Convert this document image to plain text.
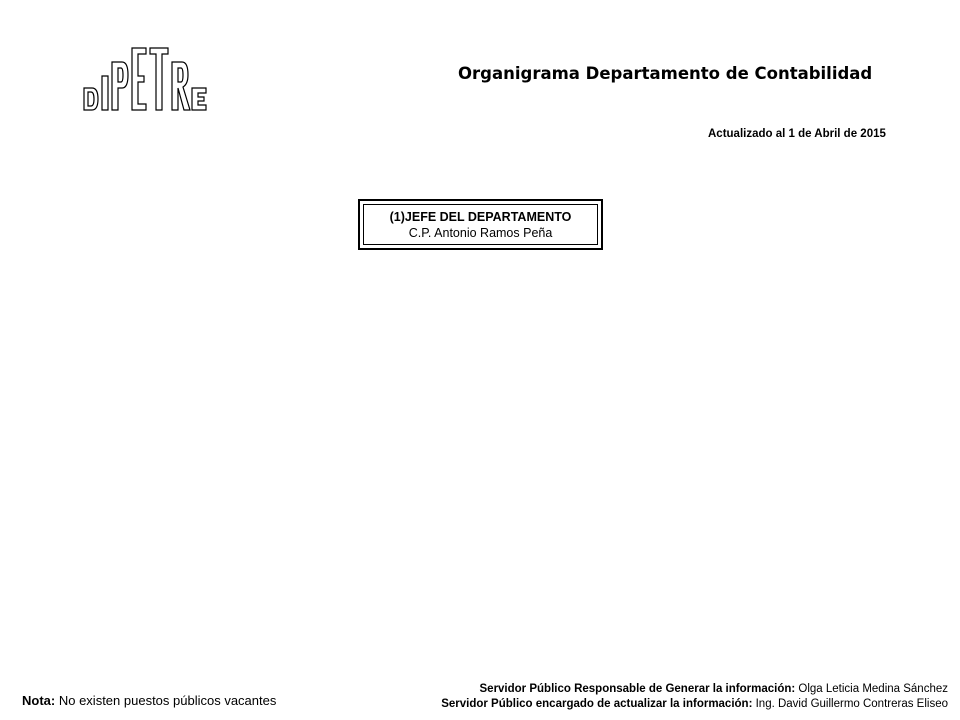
Organigrama Departamento de Contabilidad
Actualizado al 1 de Abril de 2015
(1)JEFE DEL DEPARTAMENTO
C.P. Antonio Ramos Peña
Nota: No existen puestos públicos vacantes
Servidor Público Responsable de Generar la información: Olga Leticia Medina Sánchez
Servidor Público encargado de actualizar la información: Ing. David Guillermo Contreras Eliseo
